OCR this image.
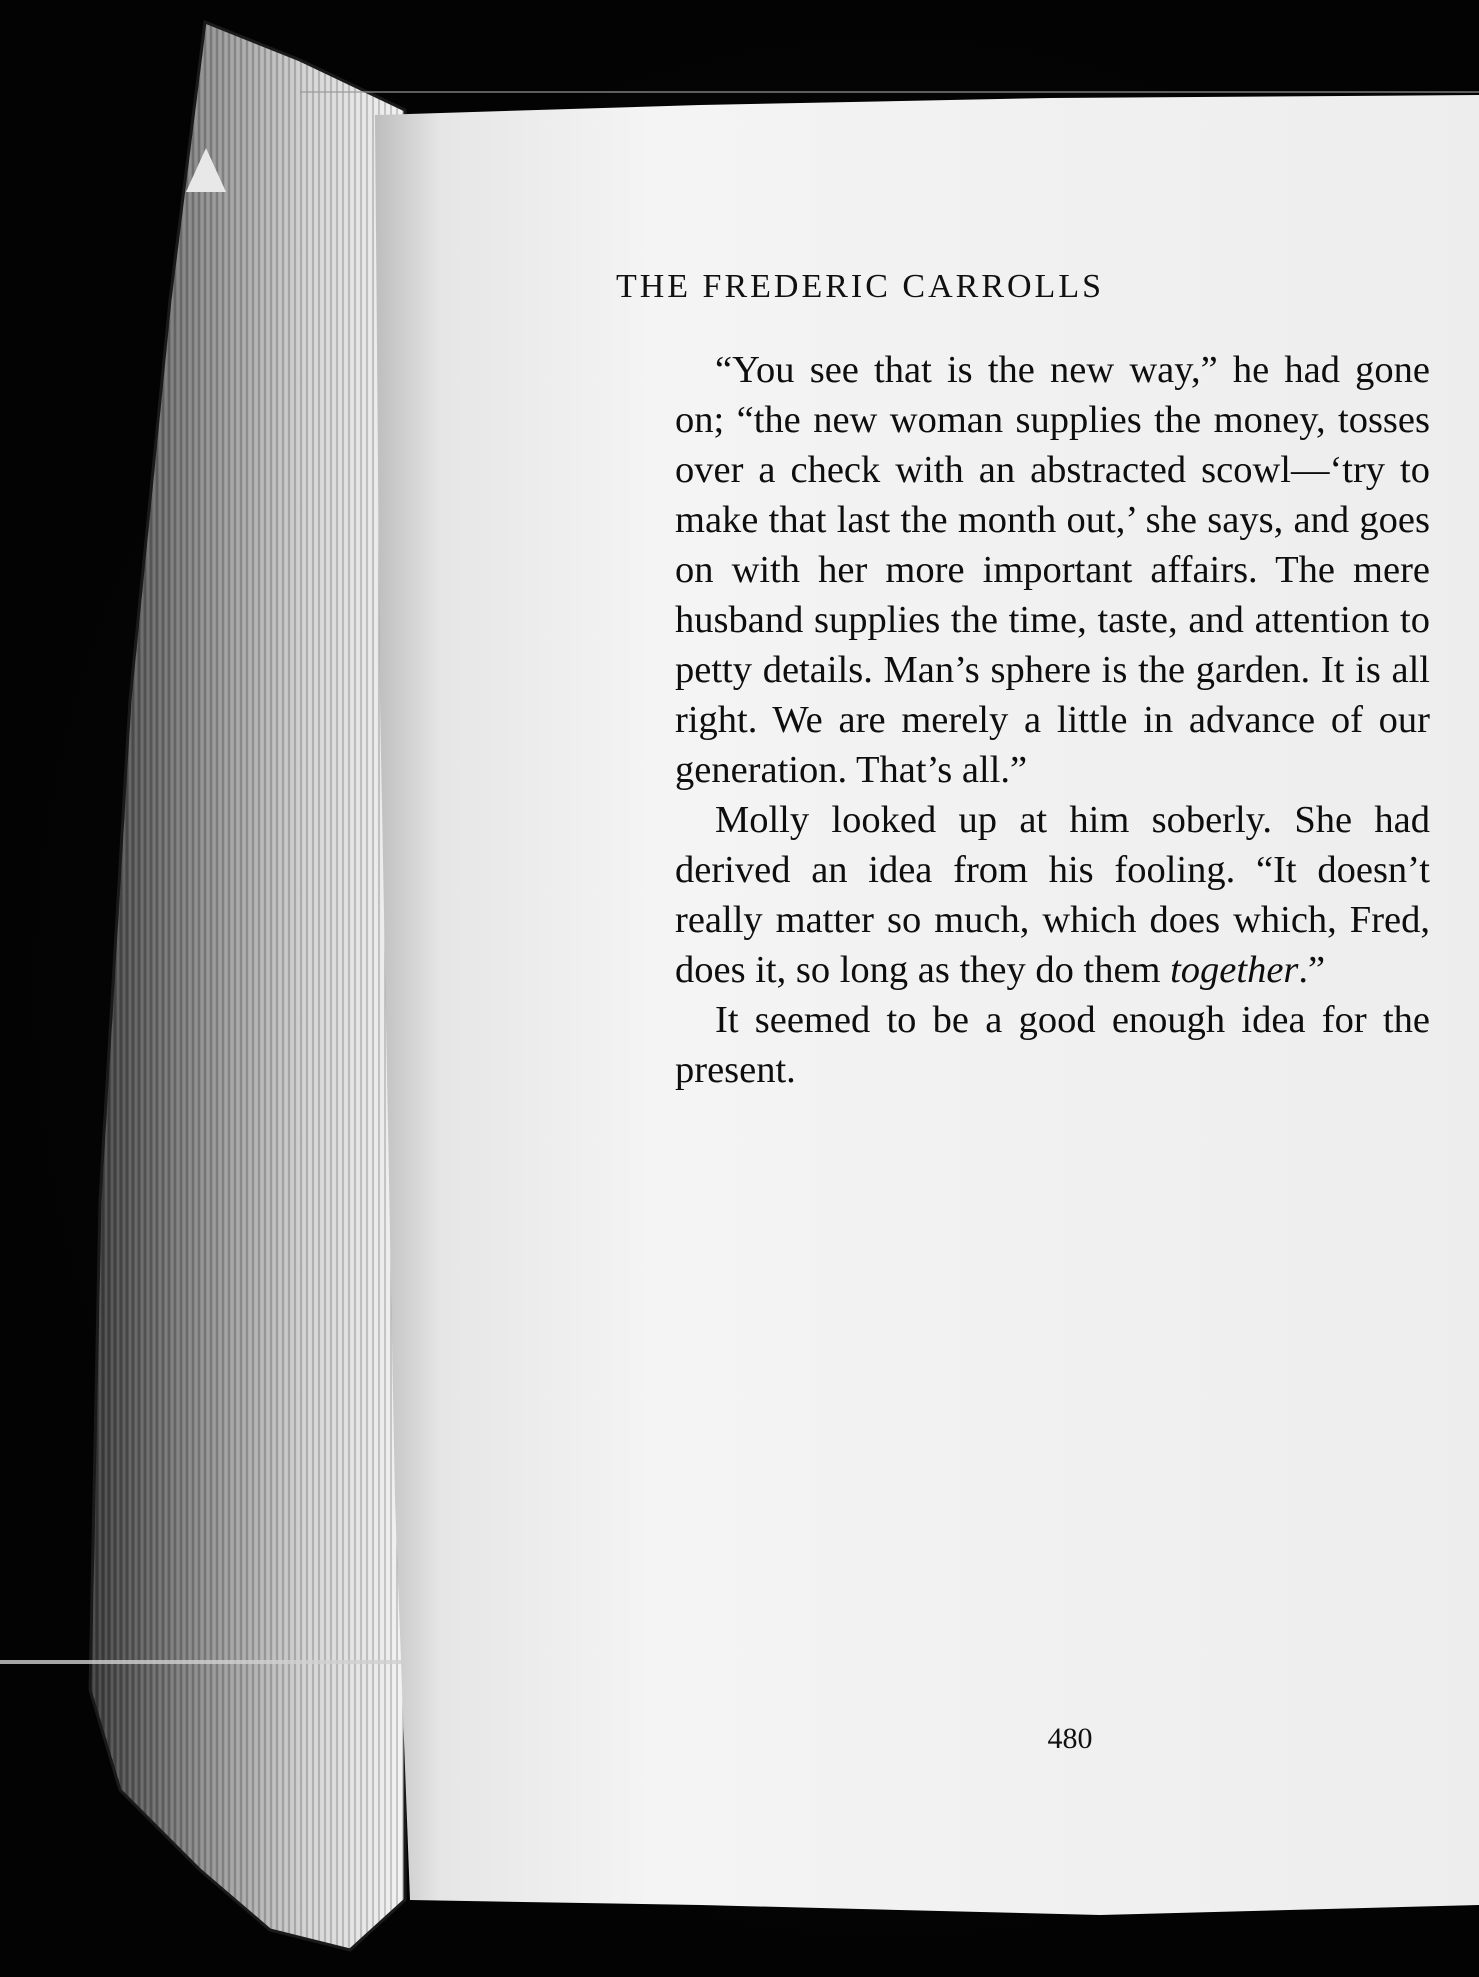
THE FREDERIC CARROLLS

“You see that is the new way,” he had gone on; “the new woman supplies the money, tosses over a check with an abstracted scowl—‘try to make that last the month out,’ she says, and goes on with her more important affairs. The mere husband supplies the time, taste, and attention to petty details. Man’s sphere is the garden. It is all right. We are merely a little in advance of our generation. That’s all.”

Molly looked up at him soberly. She had derived an idea from his fooling. “It doesn’t really matter so much, which does which, Fred, does it, so long as they do them together.”

It seemed to be a good enough idea for the present.

480
